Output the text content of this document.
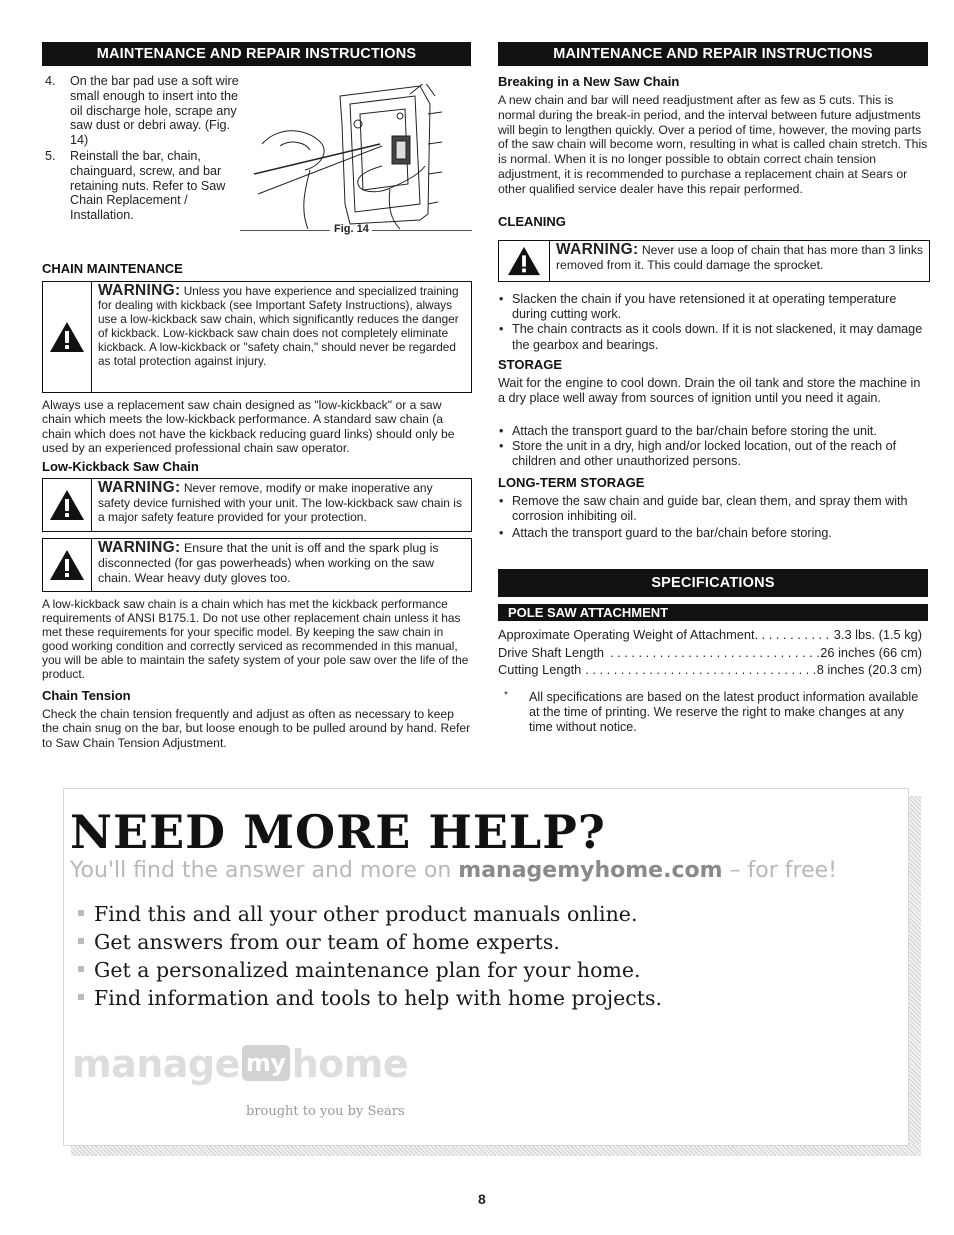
MAINTENANCE AND REPAIR INSTRUCTIONS
4.	On the bar pad use a soft wire small enough to insert into the oil discharge hole, scrape any saw dust or debri away. (Fig. 14)
5.	Reinstall the bar, chain, chainguard, screw, and bar retaining nuts. Refer to Saw Chain Replacement / Installation.
Fig. 14
CHAIN MAINTENANCE
WARNING: Unless you have experience and specialized training for dealing with kickback (see Important Safety Instructions), always use a low-kickback saw chain, which significantly reduces the danger of kickback. Low-kickback saw chain does not completely eliminate kickback. A low-kickback or "safety chain," should never be regarded as total protection against injury.
Always use a replacement saw chain designed as "low-kickback" or a saw chain which meets the low-kickback performance. A standard saw chain (a chain which does not have the kickback reducing guard links) should only be used by an experienced professional chain saw operator.
Low-Kickback Saw Chain
WARNING: Never remove, modify or make inoperative any safety device furnished with your unit. The low-kickback saw chain is a major safety feature provided for your protection.
WARNING: Ensure that the unit is off and the spark plug is disconnected (for gas powerheads) when working on the saw chain. Wear heavy duty gloves too.
A low-kickback saw chain is a chain which has met the kickback performance requirements of ANSI B175.1. Do not use other replacement chain unless it has met these requirements for your specific model. By keeping the saw chain in good working condition and correctly serviced as recommended in this manual, you will be able to maintain the safety system of your pole saw over the life of the product.
Chain Tension
Check the chain tension frequently and adjust as often as necessary to keep the chain snug on the bar, but loose enough to be pulled around by hand. Refer to Saw Chain Tension Adjustment.
MAINTENANCE AND REPAIR INSTRUCTIONS
Breaking in a New Saw Chain
A new chain and bar will need readjustment after as few as 5 cuts. This is normal during the break-in period, and the interval between future adjustments will begin to lengthen quickly. Over a period of time, however, the moving parts of the saw chain will become worn, resulting in what is called chain stretch. This is normal. When it is no longer possible to obtain correct chain tension adjustment, it is recommended to purchase a replacement chain at Sears or other qualified service dealer have this repair performed.
CLEANING
WARNING: Never use a loop of chain that has more than 3 links removed from it. This could damage the sprocket.
• Slacken the chain if you have retensioned it at operating temperature during cutting work.
• The chain contracts as it cools down. If it is not slackened, it may damage the gearbox and bearings.
STORAGE
Wait for the engine to cool down. Drain the oil tank and store the machine in a dry place well away from sources of ignition until you need it again.
• Attach the transport guard to the bar/chain before storing the unit.
• Store the unit in a dry, high and/or locked location, out of the reach of children and other unauthorized persons.
LONG-TERM STORAGE
• Remove the saw chain and guide bar, clean them, and spray them with corrosion inhibiting oil.
• Attach the transport guard to the bar/chain before storing.
SPECIFICATIONS
POLE SAW ATTACHMENT
Approximate Operating Weight of Attachment . . .	3.3 lbs. (1.5 kg)
Drive Shaft Length . . .	26 inches (66 cm)
Cutting Length . . .	8 inches (20.3 cm)
* All specifications are based on the latest product information available at the time of printing. We reserve the right to make changes at any time without notice.
NEED MORE HELP?
You'll find the answer and more on managemyhome.com – for free!
Find this and all your other product manuals online.
Get answers from our team of home experts.
Get a personalized maintenance plan for your home.
Find information and tools to help with home projects.
manage my home
brought to you by Sears
8
